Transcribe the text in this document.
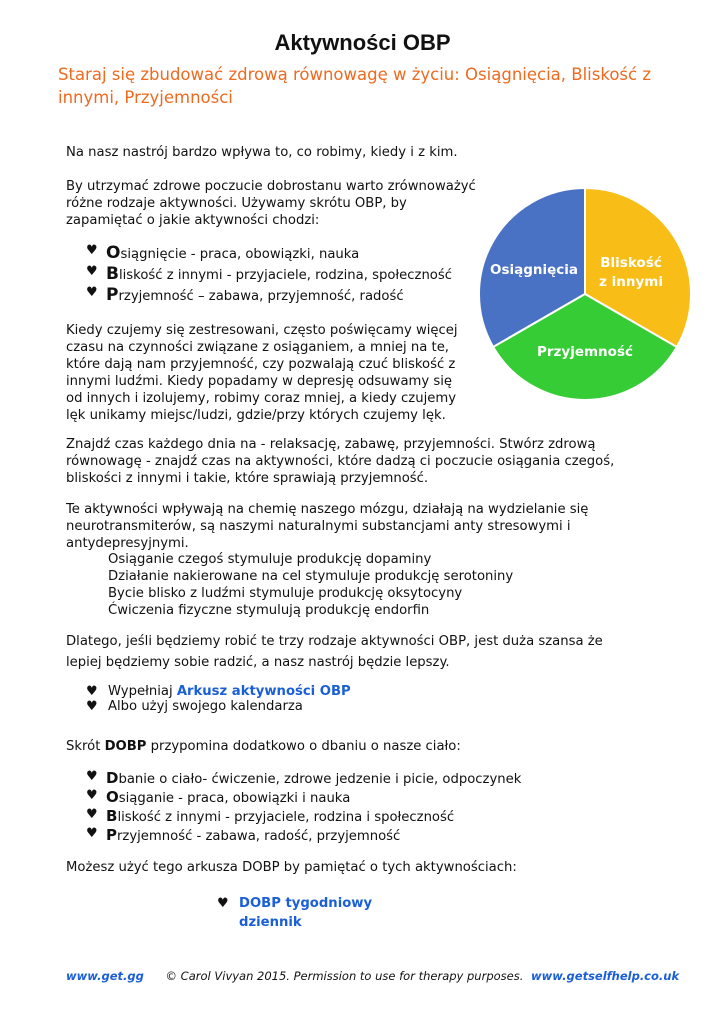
Aktywności OBP
Staraj się zbudować zdrową równowagę w życiu: Osiągnięcia, Bliskość z innymi, Przyjemności
Na nasz nastrój bardzo wpływa to, co robimy, kiedy i z kim.
By utrzymać zdrowe poczucie dobrostanu warto zrównoważyć
różne rodzaje aktywności. Używamy skrótu OBP, by
zapamiętać o jakie aktywności chodzi:
♥ Osiągnięcie - praca, obowiązki, nauka
♥ Bliskość z innymi - przyjaciele, rodzina, społeczność
♥ Przyjemność – zabawa, przyjemność, radość
Kiedy czujemy się zestresowani, często poświęcamy więcej
czasu na czynności związane z osiąganiem, a mniej na te,
które dają nam przyjemność, czy pozwalają czuć bliskość z
innymi ludźmi. Kiedy popadamy w depresję odsuwamy się
od innych i izolujemy, robimy coraz mniej, a kiedy czujemy
lęk unikamy miejsc/ludzi, gdzie/przy których czujemy lęk.
Osiągnięcia Bliskość
z innymi
Przyjemność
Znajdź czas każdego dnia na - relaksację, zabawę, przyjemności. Stwórz zdrową
równowagę - znajdź czas na aktywności, które dadzą ci poczucie osiągania czegoś,
bliskości z innymi i takie, które sprawiają przyjemność.
Te aktywności wpływają na chemię naszego mózgu, działają na wydzielanie się
neurotransmiterów, są naszymi naturalnymi substancjami anty stresowymi i
antydepresyjnymi.
Osiąganie czegoś stymuluje produkcję dopaminy
Działanie nakierowane na cel stymuluje produkcję serotoniny
Bycie blisko z ludźmi stymuluje produkcję oksytocyny
Ćwiczenia fizyczne stymulują produkcję endorfin
Dlatego, jeśli będziemy robić te trzy rodzaje aktywności OBP, jest duża szansa że
lepiej będziemy sobie radzić, a nasz nastrój będzie lepszy.
♥ Wypełniaj Arkusz aktywności OBP
♥ Albo użyj swojego kalendarza
Skrót DOBP przypomina dodatkowo o dbaniu o nasze ciało:
♥ Dbanie o ciało- ćwiczenie, zdrowe jedzenie i picie, odpoczynek
♥ Osiąganie - praca, obowiązki i nauka
♥ Bliskość z innymi - przyjaciele, rodzina i społeczność
♥ Przyjemność - zabawa, radość, przyjemność
Możesz użyć tego arkusza DOBP by pamiętać o tych aktywnościach:
♥ DOBP tygodniowy
dziennik
www.get.gg © Carol Vivyan 2015. Permission to use for therapy purposes. www.getselfhelp.co.uk
